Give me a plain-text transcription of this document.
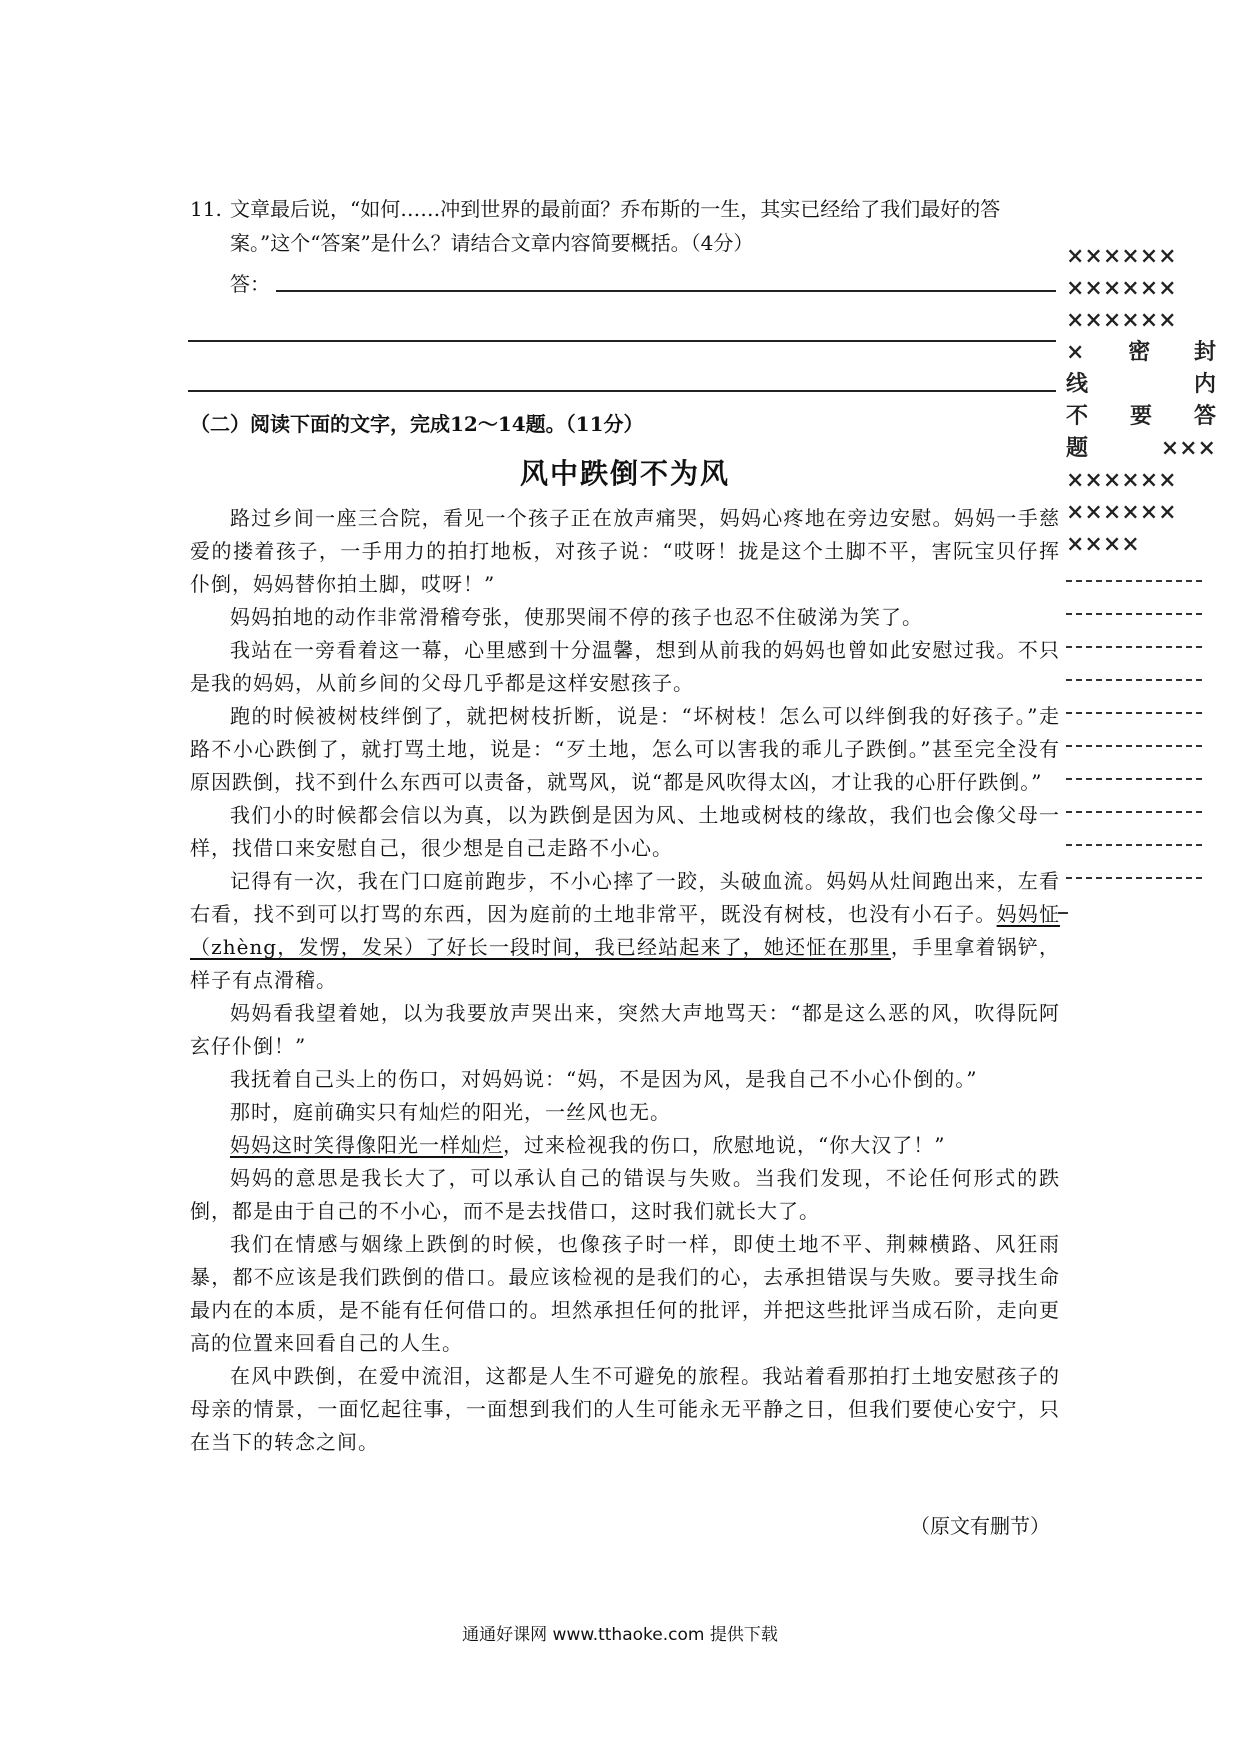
11. 文章最后说，“如何……冲到世界的最前面？乔布斯的一生，其实已经给了我们最好的答案。”这个“答案”是什么？请结合文章内容简要概括。（4分）
答：
（二）阅读下面的文字，完成12～14题。（11分）
风中跌倒不为风

路过乡间一座三合院，看见一个孩子正在放声痛哭，妈妈心疼地在旁边安慰。妈妈一手慈爱的搂着孩子，一手用力的拍打地板，对孩子说：“哎呀！拢是这个土脚不平，害阮宝贝仔挥仆倒，妈妈替你拍土脚，哎呀！”

妈妈拍地的动作非常滑稽夸张，使那哭闹不停的孩子也忍不住破涕为笑了。

我站在一旁看着这一幕，心里感到十分温馨，想到从前我的妈妈也曾如此安慰过我。不只是我的妈妈，从前乡间的父母几乎都是这样安慰孩子。

跑的时候被树枝绊倒了，就把树枝折断，说是：“坏树枝！怎么可以绊倒我的好孩子。”走路不小心跌倒了，就打骂土地，说是：“歹土地，怎么可以害我的乖儿子跌倒。”甚至完全没有原因跌倒，找不到什么东西可以责备，就骂风，说“都是风吹得太凶，才让我的心肝仔跌倒。”

我们小的时候都会信以为真，以为跌倒是因为风、土地或树枝的缘故，我们也会像父母一样，找借口来安慰自己，很少想是自己走路不小心。

记得有一次，我在门口庭前跑步，不小心摔了一跤，头破血流。妈妈从灶间跑出来，左看右看，找不到可以打骂的东西，因为庭前的土地非常平，既没有树枝，也没有小石子。妈妈怔（zhèng，发愣，发呆）了好长一段时间，我已经站起来了，她还怔在那里，手里拿着锅铲，样子有点滑稽。

妈妈看我望着她，以为我要放声哭出来，突然大声地骂天：“都是这么恶的风，吹得阮阿玄仔仆倒！”

我抚着自己头上的伤口，对妈妈说：“妈，不是因为风，是我自己不小心仆倒的。”

那时，庭前确实只有灿烂的阳光，一丝风也无。

妈妈这时笑得像阳光一样灿烂，过来检视我的伤口，欣慰地说，“你大汉了！”

妈妈的意思是我长大了，可以承认自己的错误与失败。当我们发现，不论任何形式的跌倒，都是由于自己的不小心，而不是去找借口，这时我们就长大了。

我们在情感与姻缘上跌倒的时候，也像孩子时一样，即使土地不平、荆棘横路、风狂雨暴，都不应该是我们跌倒的借口。最应该检视的是我们的心，去承担错误与失败。要寻找生命最内在的本质，是不能有任何借口的。坦然承担任何的批评，并把这些批评当成石阶，走向更高的位置来回看自己的人生。

在风中跌倒，在爱中流泪，这都是人生不可避免的旅程。我站着看那拍打土地安慰孩子的母亲的情景，一面忆起往事，一面想到我们的人生可能永无平静之日，但我们要使心安宁，只在当下的转念之间。

（原文有删节）
××××××
××××××
××××××
× 密 封
线	内
不 要 答
题	×××
××××××
××××××
××××
通通好课网 www.tthaoke.com 提供下载
